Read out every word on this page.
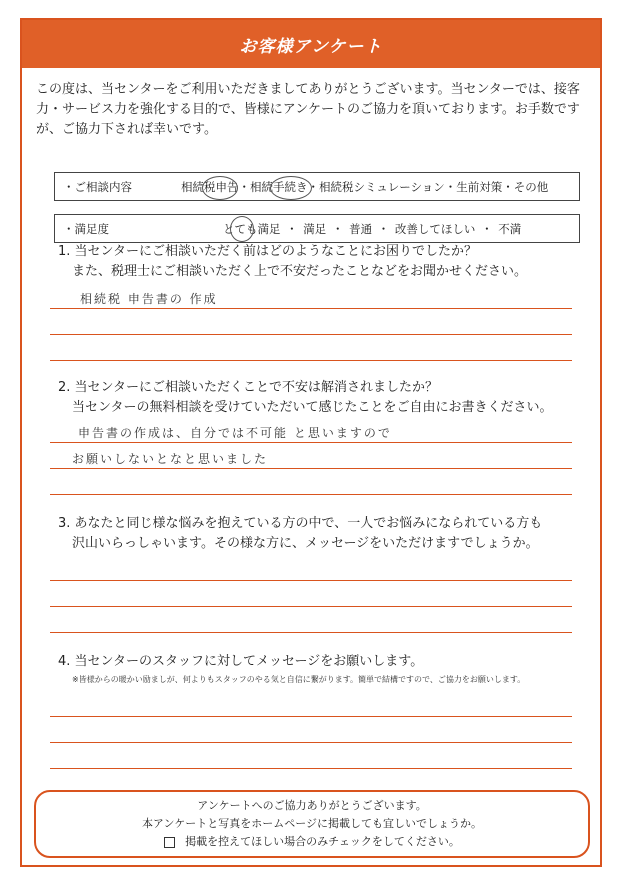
お客様アンケート
この度は、当センターをご利用いただきましてありがとうございます。当センターでは、接客力・サービス力を強化する目的で、皆様にアンケートのご協力を頂いております。お手数ですが、ご協力下されば幸いです。
・ご相談内容	相続税申告・相続手続き・相続税シミュレーション・生前対策・その他
・満足度	とても満足 ・ 満足 ・ 普通 ・ 改善してほしい ・ 不満
1. 当センターにご相談いただく前はどのようなことにお困りでしたか？
また、税理士にご相談いただく上で不安だったことなどをお聞かせください。
相続税 申告書の 作成
2. 当センターにご相談いただくことで不安は解消されましたか？
当センターの無料相談を受けていただいて感じたことをご自由にお書きください。
申告書の作成は、自分では不可能 と思いますので
お願いしないとなと思いました
3. あなたと同じ様な悩みを抱えている方の中で、一人でお悩みになられている方も
沢山いらっしゃいます。その様な方に、メッセージをいただけますでしょうか。
4. 当センターのスタッフに対してメッセージをお願いします。
※皆様からの暖かい励ましが、何よりもスタッフのやる気と自信に繋がります。簡単で結構ですので、ご協力をお願いします。
アンケートへのご協力ありがとうございます。
本アンケートと写真をホームページに掲載しても宜しいでしょうか。
掲載を控えてほしい場合のみチェックをしてください。
